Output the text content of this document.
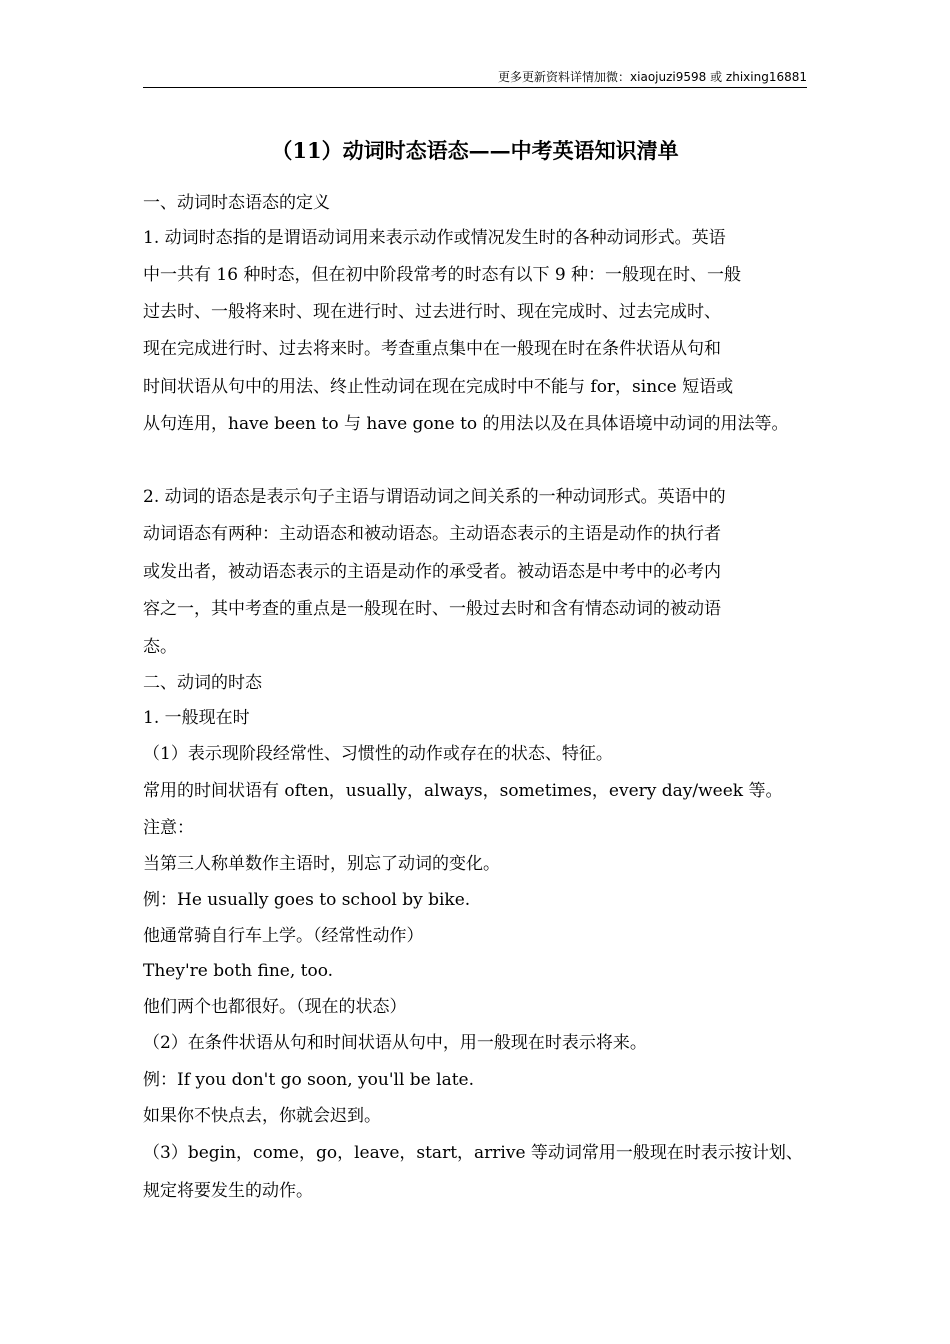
更多更新资料详情加微：xiaojuzi9598 或 zhixing16881
（11）动词时态语态——中考英语知识清单
一、动词时态语态的定义
1. 动词时态指的是谓语动词用来表示动作或情况发生时的各种动词形式。英语
中一共有 16 种时态，但在初中阶段常考的时态有以下 9 种：一般现在时、一般
过去时、一般将来时、现在进行时、过去进行时、现在完成时、过去完成时、
现在完成进行时、过去将来时。考查重点集中在一般现在时在条件状语从句和
时间状语从句中的用法、终止性动词在现在完成时中不能与 for，since 短语或
从句连用，have been to 与 have gone to 的用法以及在具体语境中动词的用法等。
2. 动词的语态是表示句子主语与谓语动词之间关系的一种动词形式。英语中的
动词语态有两种：主动语态和被动语态。主动语态表示的主语是动作的执行者
或发出者，被动语态表示的主语是动作的承受者。被动语态是中考中的必考内
容之一，其中考查的重点是一般现在时、一般过去时和含有情态动词的被动语
态。
二、动词的时态
1. 一般现在时
（1）表示现阶段经常性、习惯性的动作或存在的状态、特征。
常用的时间状语有 often，usually，always，sometimes，every day/week 等。
注意：
当第三人称单数作主语时，别忘了动词的变化。
例：He usually goes to school by bike.
他通常骑自行车上学。（经常性动作）
They're both fine, too.
他们两个也都很好。（现在的状态）
（2）在条件状语从句和时间状语从句中，用一般现在时表示将来。
例：If you don't go soon, you'll be late.
如果你不快点去，你就会迟到。
（3）begin，come，go，leave，start，arrive 等动词常用一般现在时表示按计划、
规定将要发生的动作。
